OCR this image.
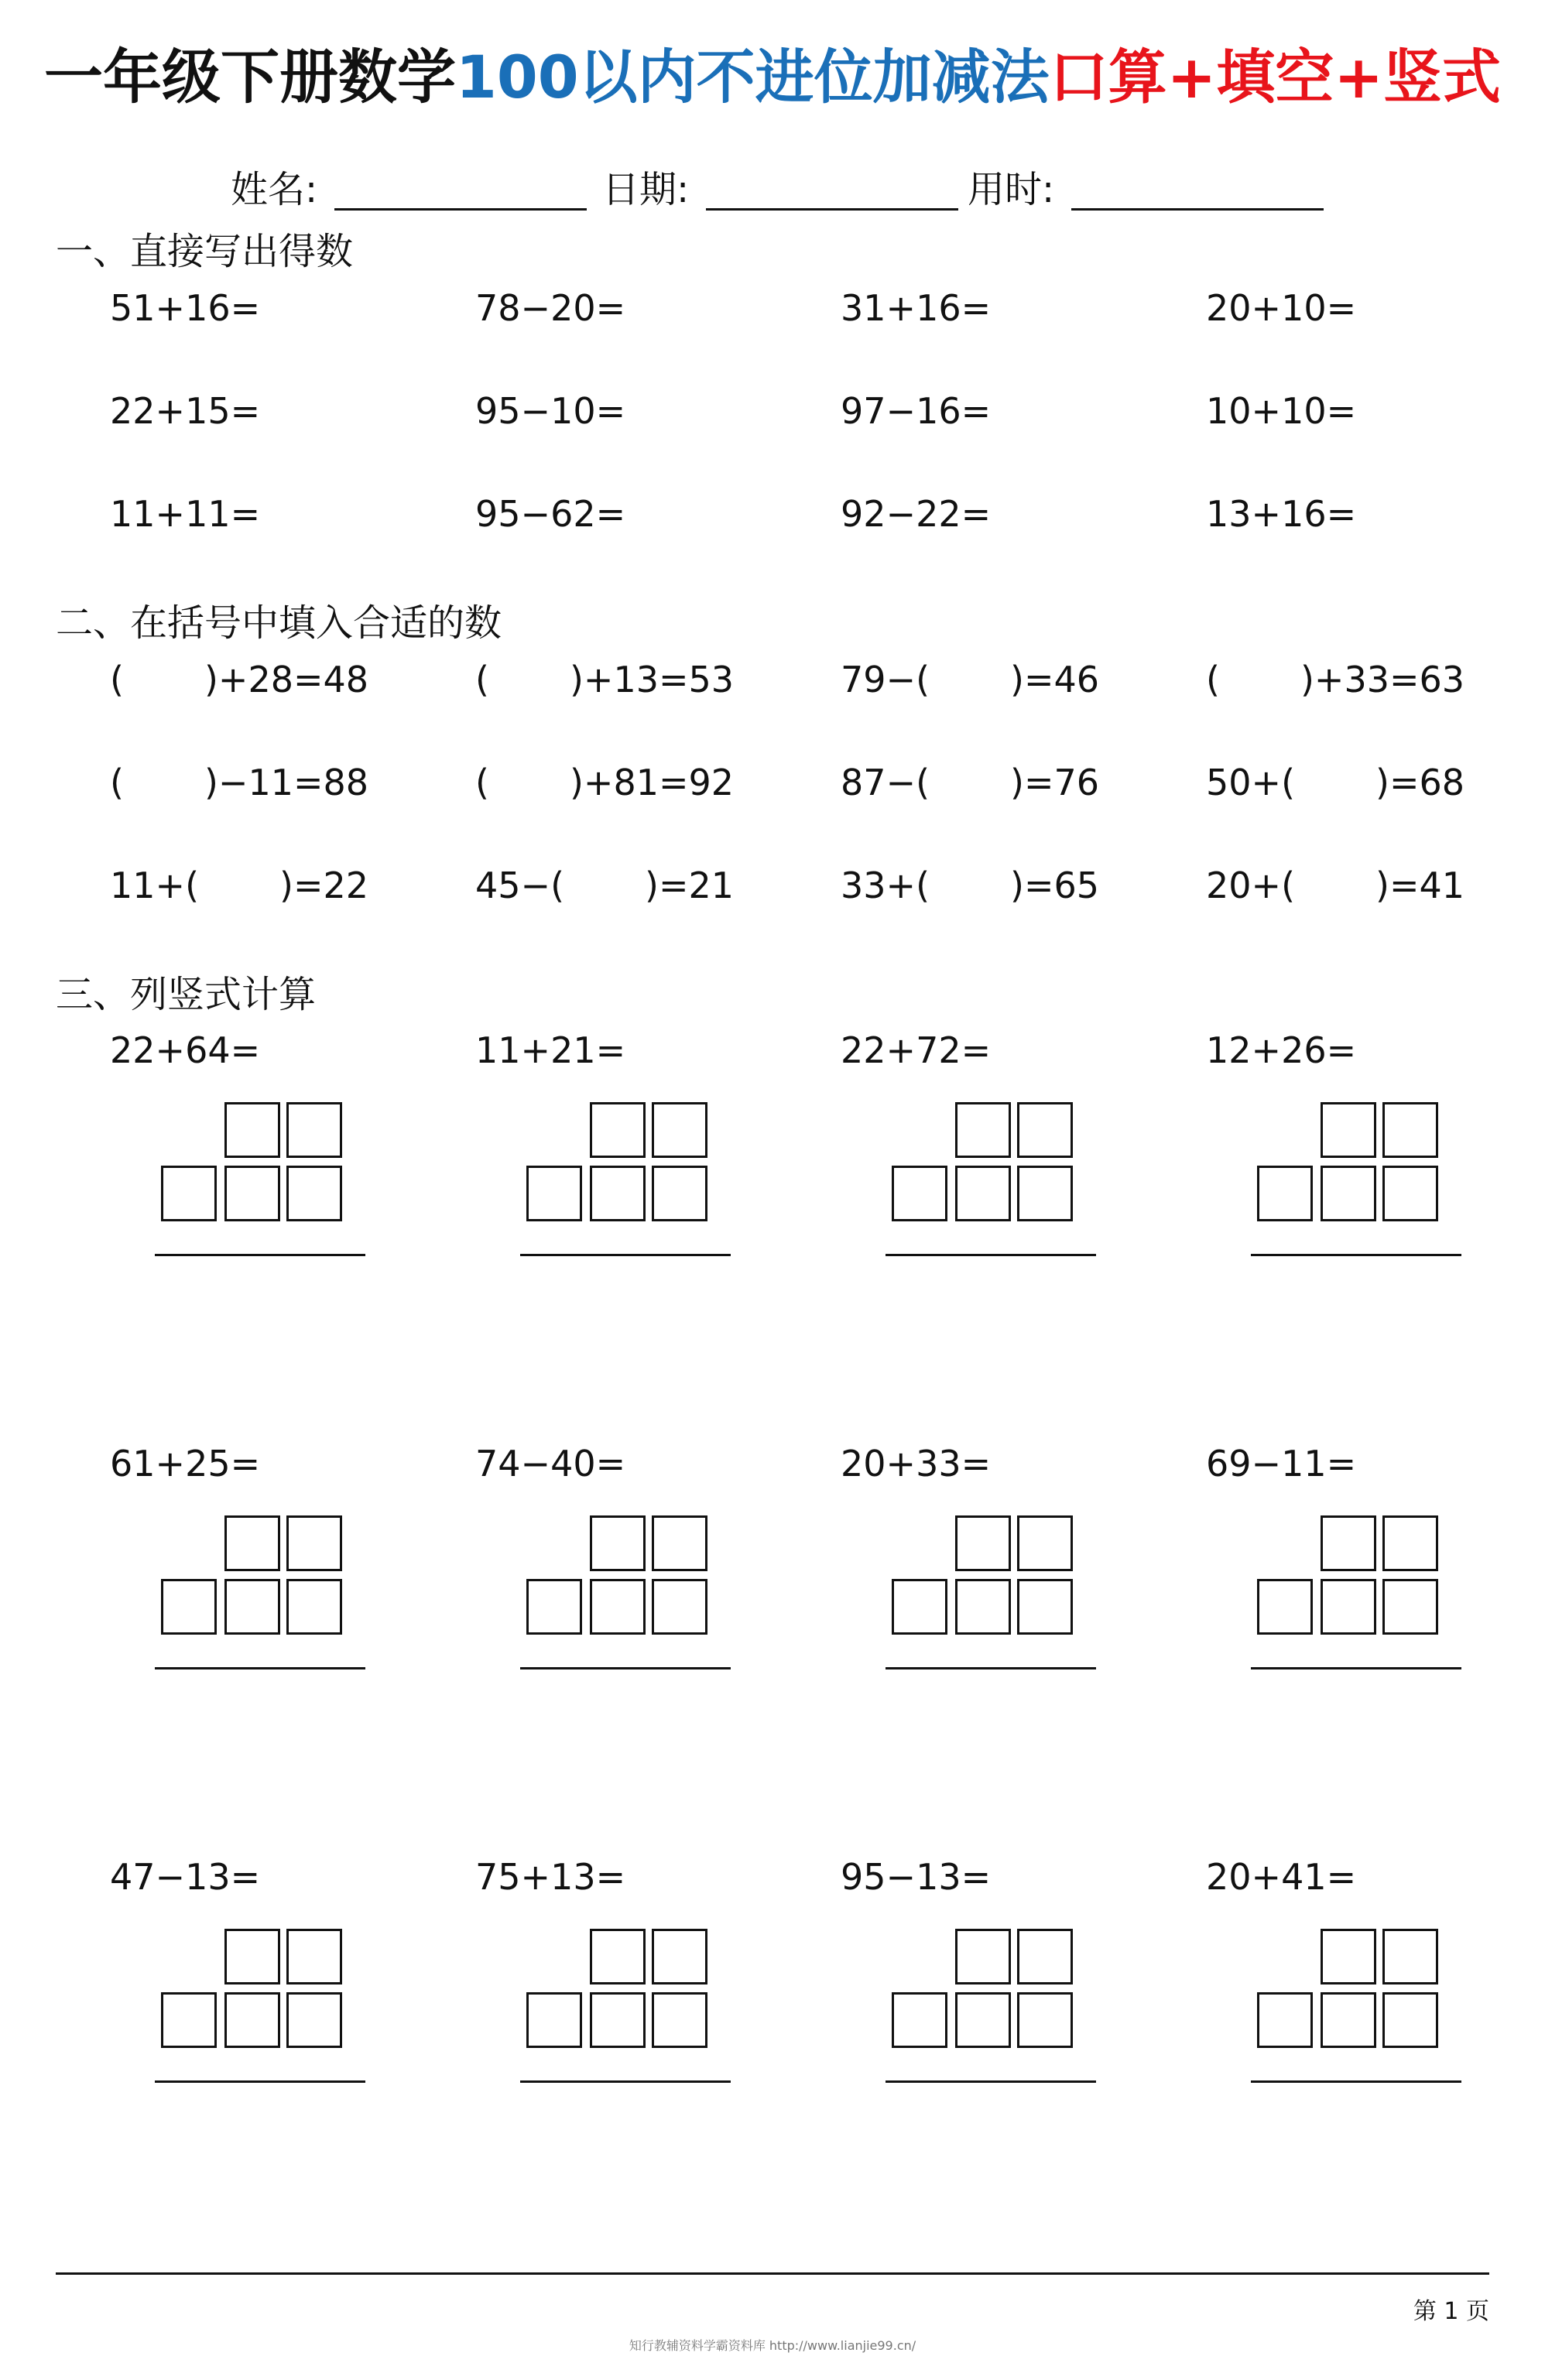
一年级下册数学100以内不进位加减法口算+填空+竖式
姓名:	日期:	用时:
一、直接写出得数
51+16=	78−20=	31+16=	20+10=
22+15=	95−10=	97−16=	10+10=
11+11=	95−62=	92−22=	13+16=
二、在括号中填入合适的数
( )+28=48	( )+13=53	79−( )=46	( )+33=63
( )−11=88	( )+81=92	87−( )=76	50+( )=68
11+( )=22	45−( )=21	33+( )=65	20+( )=41
三、列竖式计算
22+64=	11+21=	22+72=	12+26=
61+25=	74−40=	20+33=	69−11=
47−13=	75+13=	95−13=	20+41=
第 1 页
知行教辅资料学霸资料库 http://www.lianjie99.cn/
